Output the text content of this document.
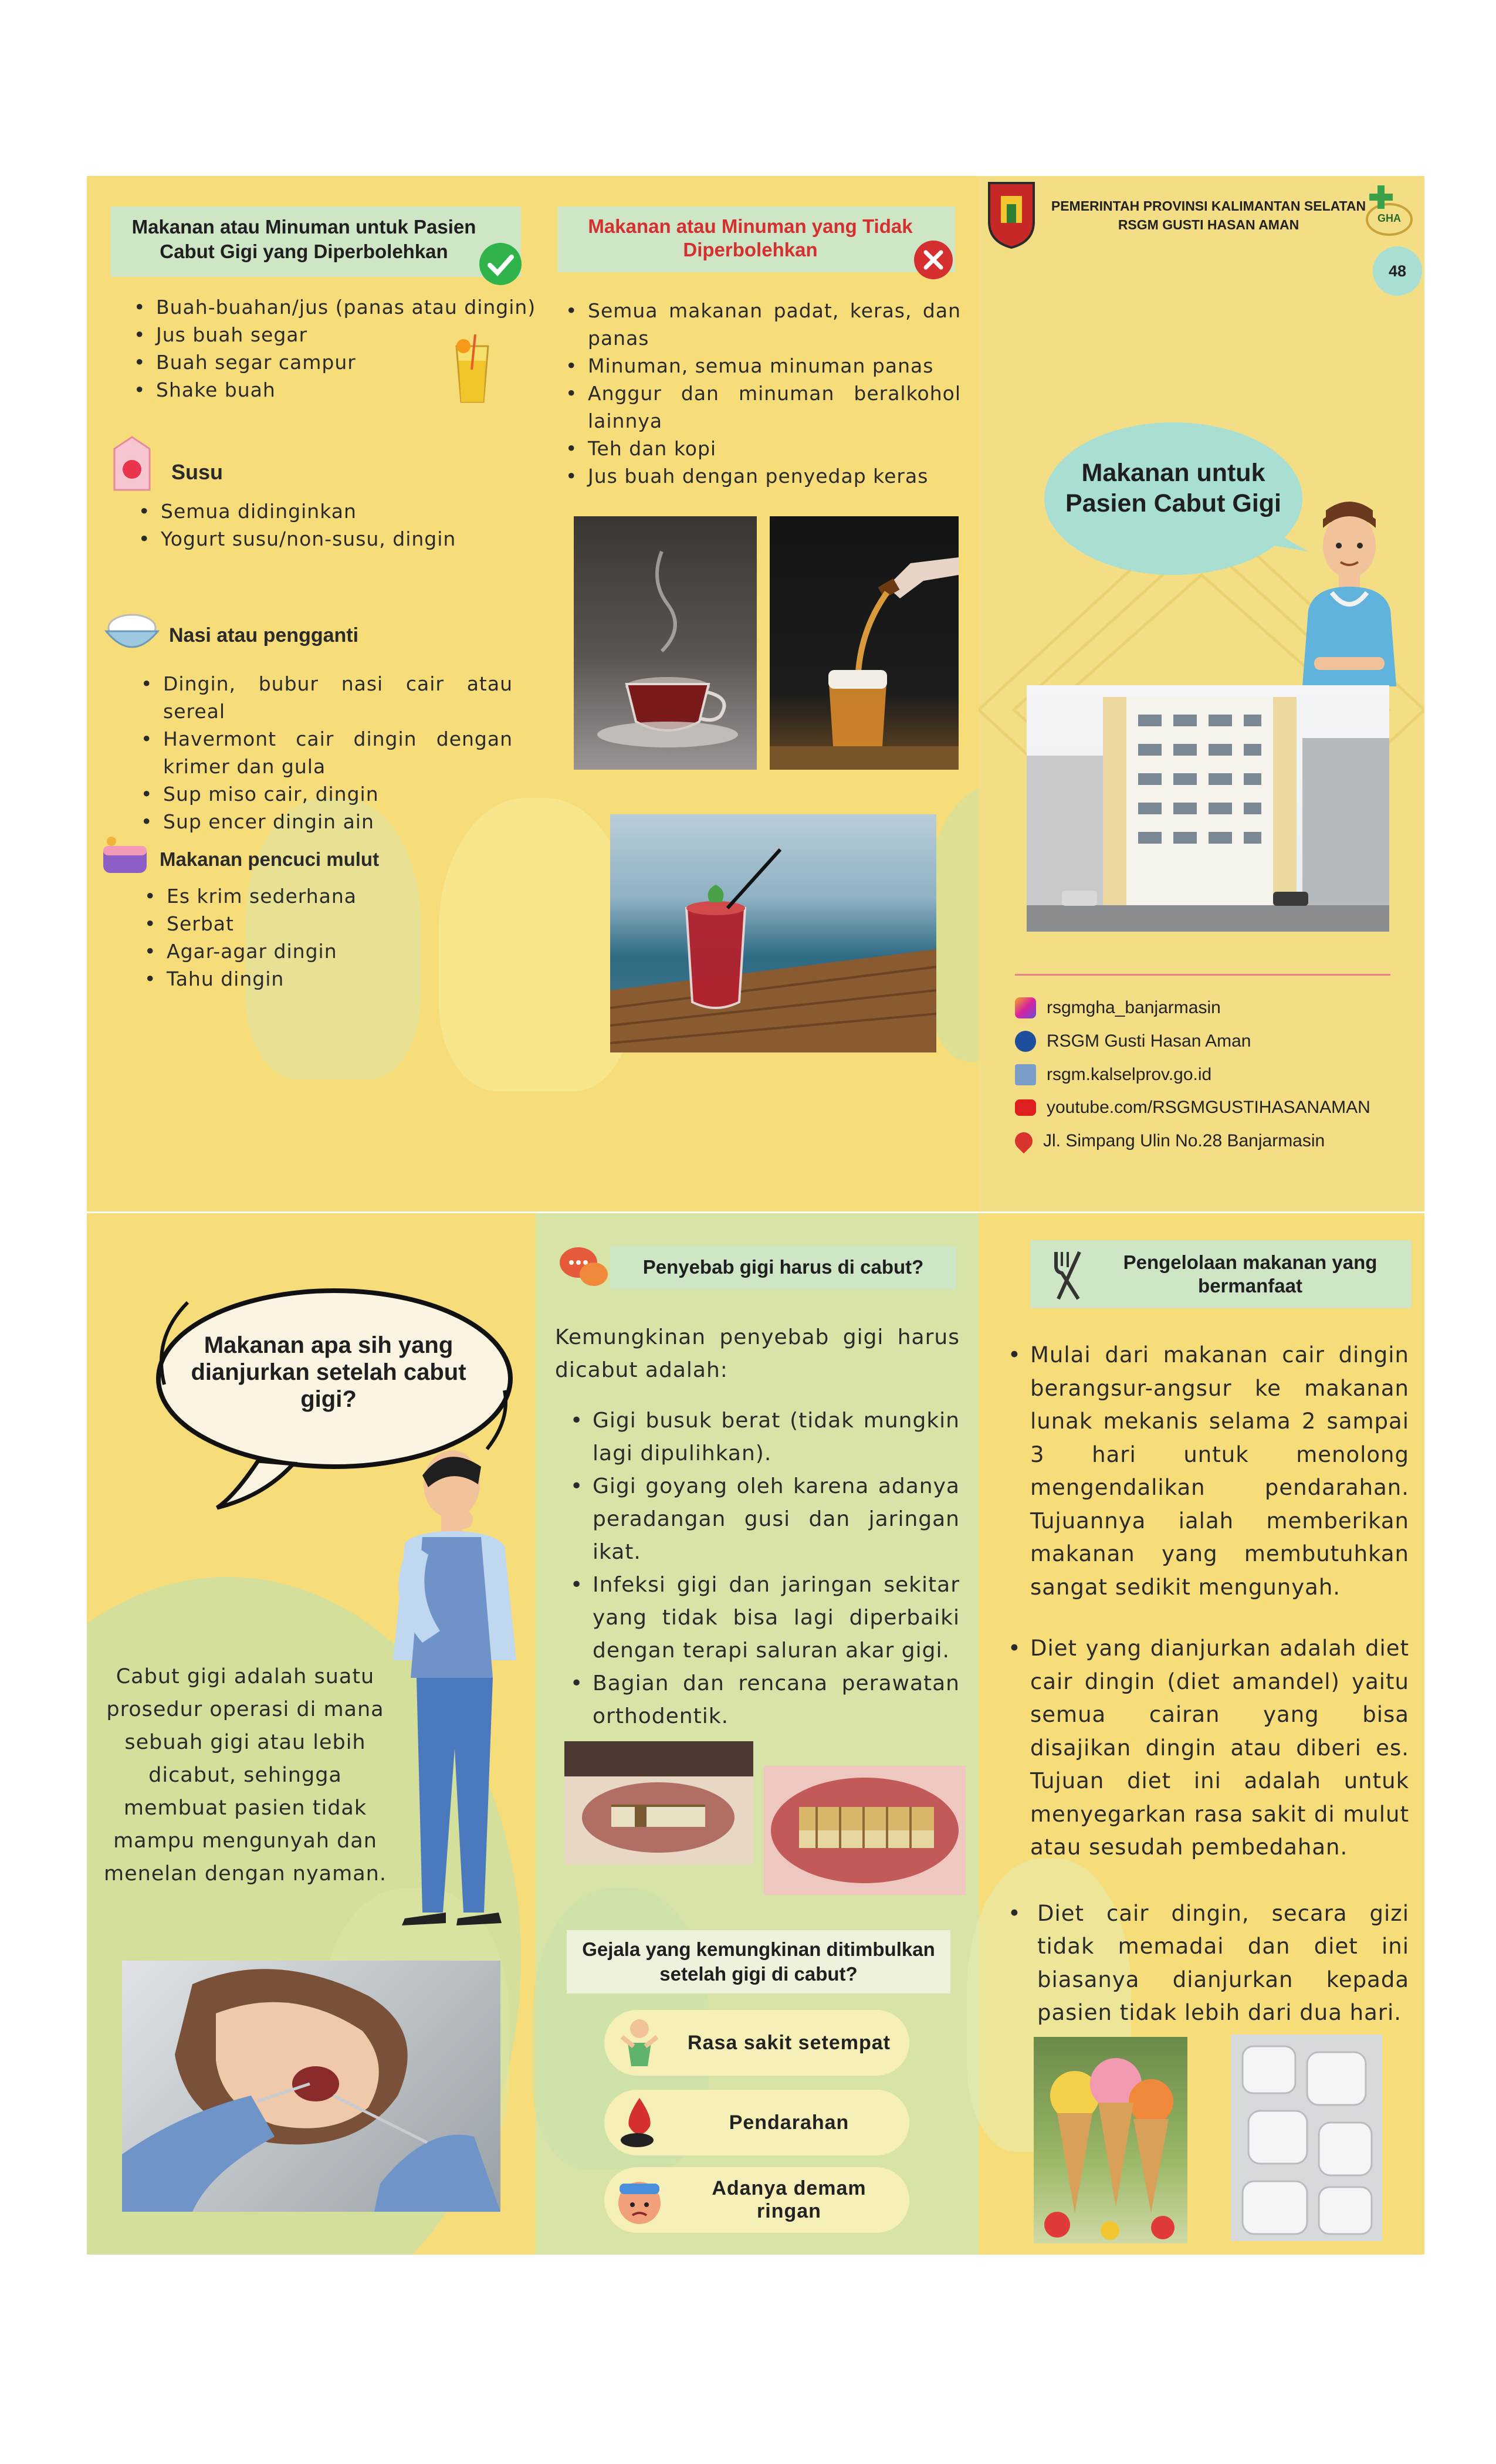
Makanan atau Minuman untuk Pasien Cabut Gigi yang Diperbolehkan
• Buah-buahan/jus (panas atau dingin)
• Jus buah segar
• Buah segar campur
• Shake buah
Susu
• Semua didinginkan
• Yogurt susu/non-susu, dingin
Nasi atau pengganti
• Dingin, bubur nasi cair atau sereal
• Havermont cair dingin dengan krimer dan gula
• Sup miso cair, dingin
• Sup encer dingin ain
Makanan pencuci mulut
• Es krim sederhana
• Serbat
• Agar-agar dingin
• Tahu dingin
Makanan atau Minuman yang Tidak Diperbolehkan
• Semua makanan padat, keras, dan panas
• Minuman, semua minuman panas
• Anggur dan minuman beralkohol lainnya
• Teh dan kopi
• Jus buah dengan penyedap keras
PEMERINTAH PROVINSI KALIMANTAN SELATAN
RSGM GUSTI HASAN AMAN	GHA
48
Makanan untuk Pasien Cabut Gigi
rsgmgha_banjarmasin
RSGM Gusti Hasan Aman
rsgm.kalselprov.go.id
youtube.com/RSGMGUSTIHASANAMAN
Jl. Simpang Ulin No.28 Banjarmasin
Makanan apa sih yang dianjurkan setelah cabut gigi?
Cabut gigi adalah suatu prosedur operasi di mana sebuah gigi atau lebih dicabut, sehingga membuat pasien tidak mampu mengunyah dan menelan dengan nyaman.
Penyebab gigi harus di cabut?
Kemungkinan penyebab gigi harus dicabut adalah:
• Gigi busuk berat (tidak mungkin lagi dipulihkan).
• Gigi goyang oleh karena adanya peradangan gusi dan jaringan ikat.
• Infeksi gigi dan jaringan sekitar yang tidak bisa lagi diperbaiki dengan terapi saluran akar gigi.
• Bagian dan rencana perawatan orthodentik.
Gejala yang kemungkinan ditimbulkan setelah gigi di cabut?
Rasa sakit setempat
Pendarahan
Adanya demam ringan
Pengelolaan makanan yang bermanfaat
• Mulai dari makanan cair dingin berangsur-angsur ke makanan lunak mekanis selama 2 sampai 3 hari untuk menolong mengendalikan pendarahan. Tujuannya ialah memberikan makanan yang membutuhkan sangat sedikit mengunyah.
• Diet yang dianjurkan adalah diet cair dingin (diet amandel) yaitu semua cairan yang bisa disajikan dingin atau diberi es. Tujuan diet ini adalah untuk menyegarkan rasa sakit di mulut atau sesudah pembedahan.
• Diet cair dingin, secara gizi tidak memadai dan diet ini biasanya dianjurkan kepada pasien tidak lebih dari dua hari.
